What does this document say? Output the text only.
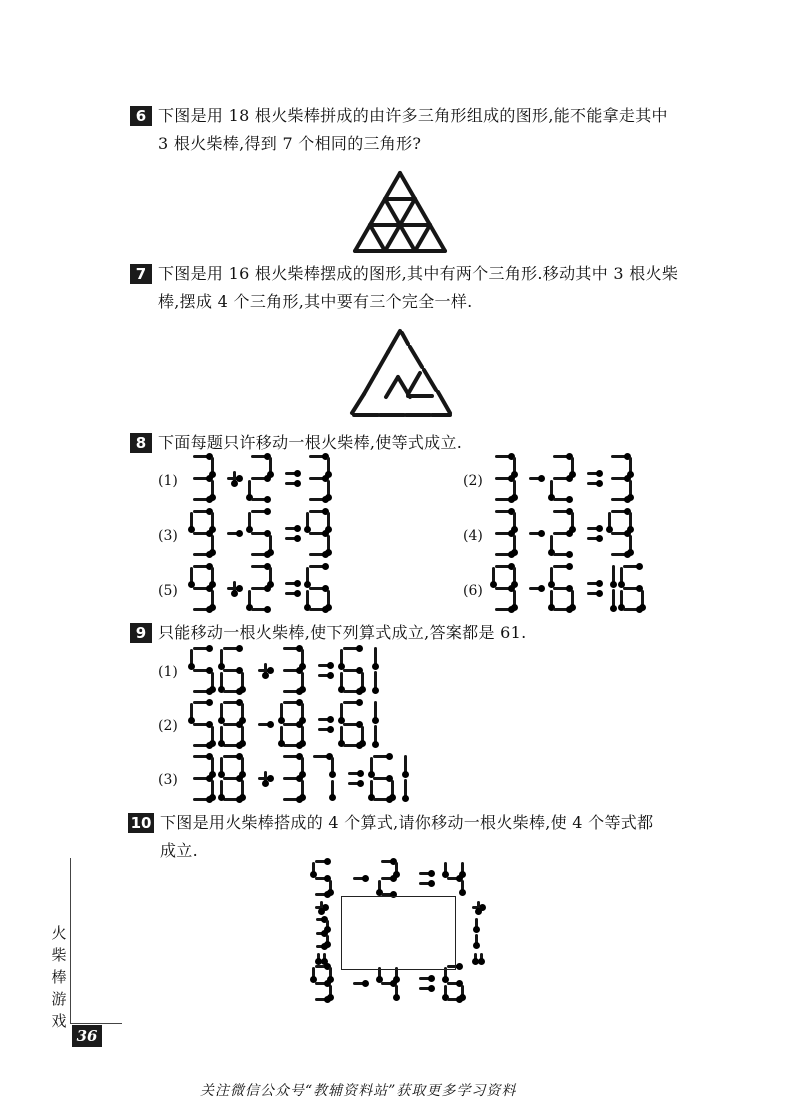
6 下图是用 18 根火柴棒拼成的由许多三角形组成的图形,能不能拿走其中
3 根火柴棒,得到 7 个相同的三角形?
7 下图是用 16 根火柴棒摆成的图形,其中有两个三角形.移动其中 3 根火柴
棒,摆成 4 个三角形,其中要有三个完全一样.
8 下面每题只许移动一根火柴棒,使等式成立.
(1)	(2)
(3)	(4)
(5)	(6)
9 只能移动一根火柴棒,使下列算式成立,答案都是 61.
(1)
(2)
(3)
10 下图是用火柴棒搭成的 4 个算式,请你移动一根火柴棒,使 4 个等式都
成立.
火
柴
棒
游
戏
36
关注微信公众号“教辅资料站”获取更多学习资料
